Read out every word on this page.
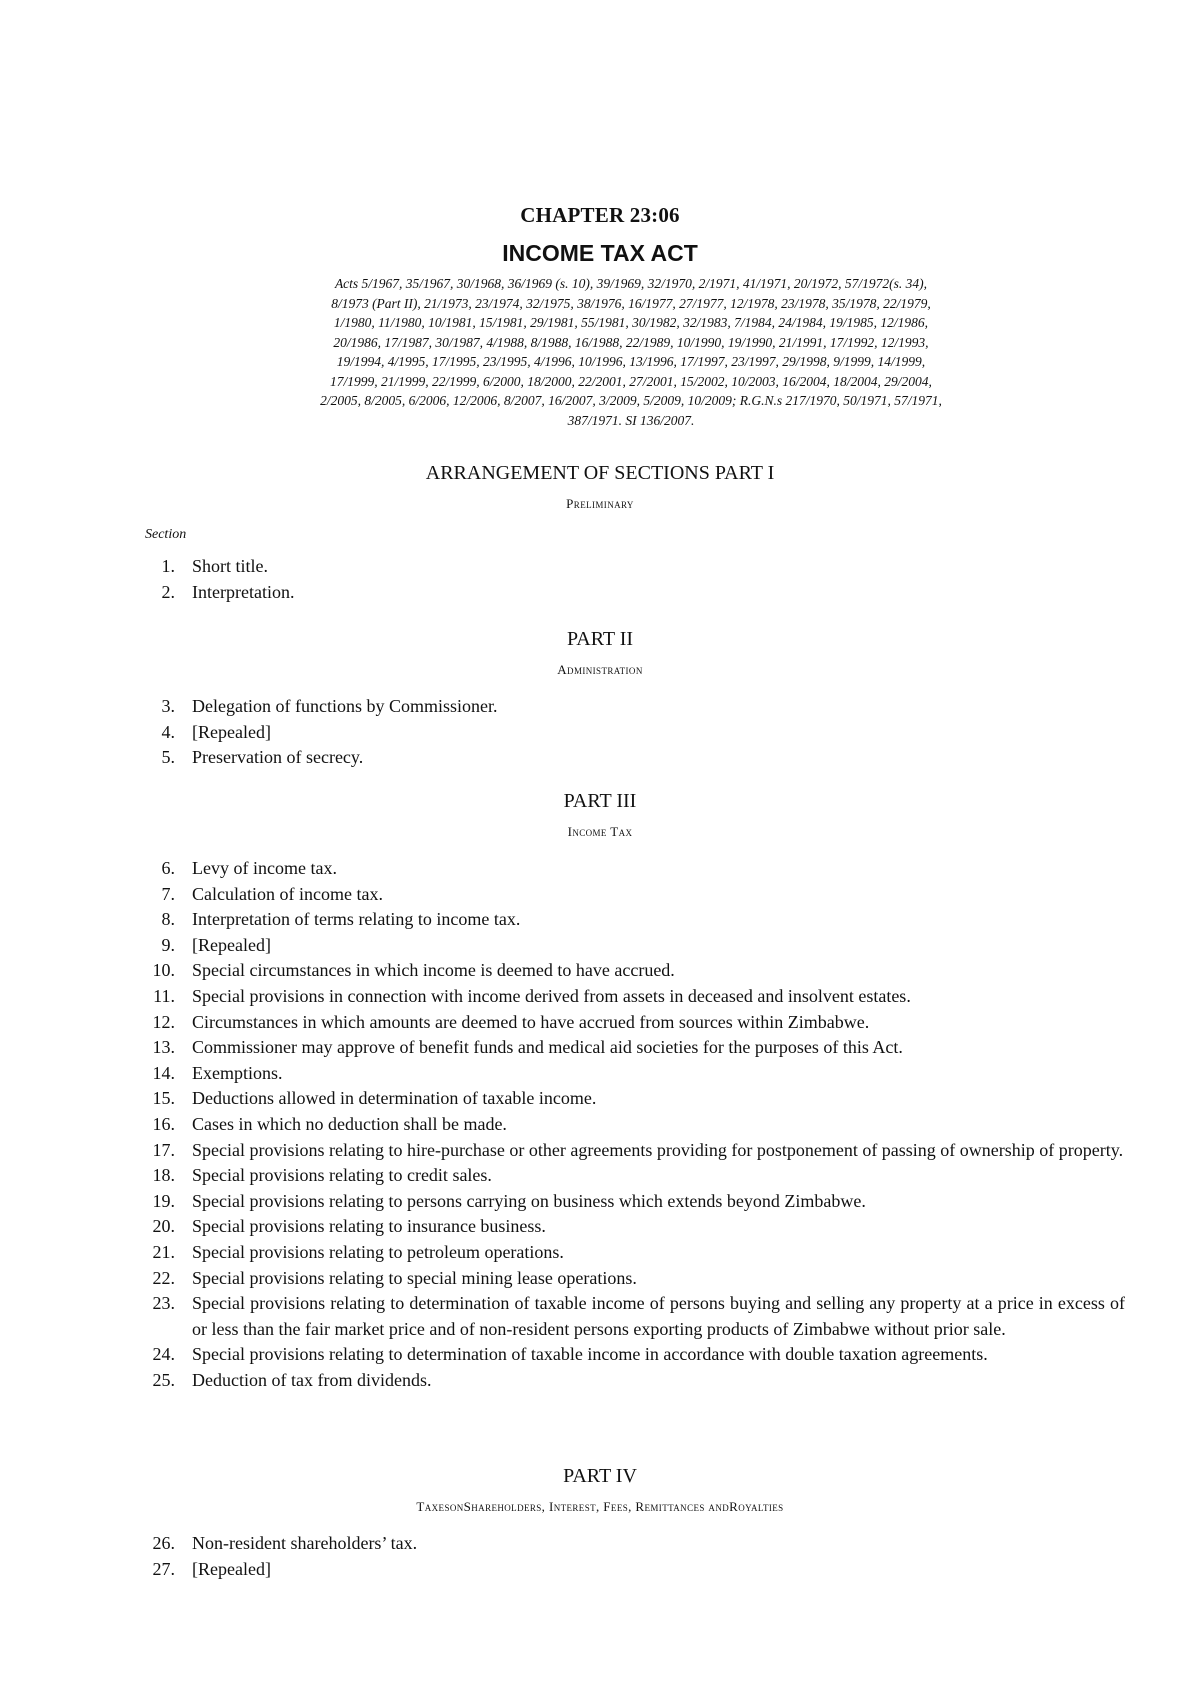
CHAPTER 23:06
INCOME TAX ACT
Acts 5/1967, 35/1967, 30/1968, 36/1969 (s. 10), 39/1969, 32/1970, 2/1971, 41/1971, 20/1972, 57/1972(s. 34),
8/1973 (Part II), 21/1973, 23/1974, 32/1975, 38/1976, 16/1977, 27/1977, 12/1978, 23/1978, 35/1978, 22/1979,
1/1980, 11/1980, 10/1981, 15/1981, 29/1981, 55/1981, 30/1982, 32/1983, 7/1984, 24/1984, 19/1985, 12/1986,
20/1986, 17/1987, 30/1987, 4/1988, 8/1988, 16/1988, 22/1989, 10/1990, 19/1990, 21/1991, 17/1992, 12/1993,
19/1994, 4/1995, 17/1995, 23/1995, 4/1996, 10/1996, 13/1996, 17/1997, 23/1997, 29/1998, 9/1999, 14/1999,
17/1999, 21/1999, 22/1999, 6/2000, 18/2000, 22/2001, 27/2001, 15/2002, 10/2003, 16/2004, 18/2004, 29/2004,
2/2005, 8/2005, 6/2006, 12/2006, 8/2007, 16/2007, 3/2009, 5/2009, 10/2009; R.G.N.s 217/1970, 50/1971, 57/1971,
387/1971. SI 136/2007.
ARRANGEMENT OF SECTIONS PART I
Preliminary
Section
1. Short title.
2. Interpretation.
PART II
Administration
3. Delegation of functions by Commissioner.
4. [Repealed]
5. Preservation of secrecy.
PART III
Income Tax
6. Levy of income tax.
7. Calculation of income tax.
8. Interpretation of terms relating to income tax.
9. [Repealed]
10. Special circumstances in which income is deemed to have accrued.
11. Special provisions in connection with income derived from assets in deceased and insolvent estates.
12. Circumstances in which amounts are deemed to have accrued from sources within Zimbabwe.
13. Commissioner may approve of benefit funds and medical aid societies for the purposes of this Act.
14. Exemptions.
15. Deductions allowed in determination of taxable income.
16. Cases in which no deduction shall be made.
17. Special provisions relating to hire-purchase or other agreements providing for postponement of passing of ownership of property.
18. Special provisions relating to credit sales.
19. Special provisions relating to persons carrying on business which extends beyond Zimbabwe.
20. Special provisions relating to insurance business.
21. Special provisions relating to petroleum operations.
22. Special provisions relating to special mining lease operations.
23. Special provisions relating to determination of taxable income of persons buying and selling any property at a price in excess of or less than the fair market price and of non-resident persons exporting products of Zimbabwe without prior sale.
24. Special provisions relating to determination of taxable income in accordance with double taxation agreements.
25. Deduction of tax from dividends.
PART IV
TaxesonShareholders, Interest, Fees, Remittances andRoyalties
26. Non-resident shareholders’ tax.
27. [Repealed]
